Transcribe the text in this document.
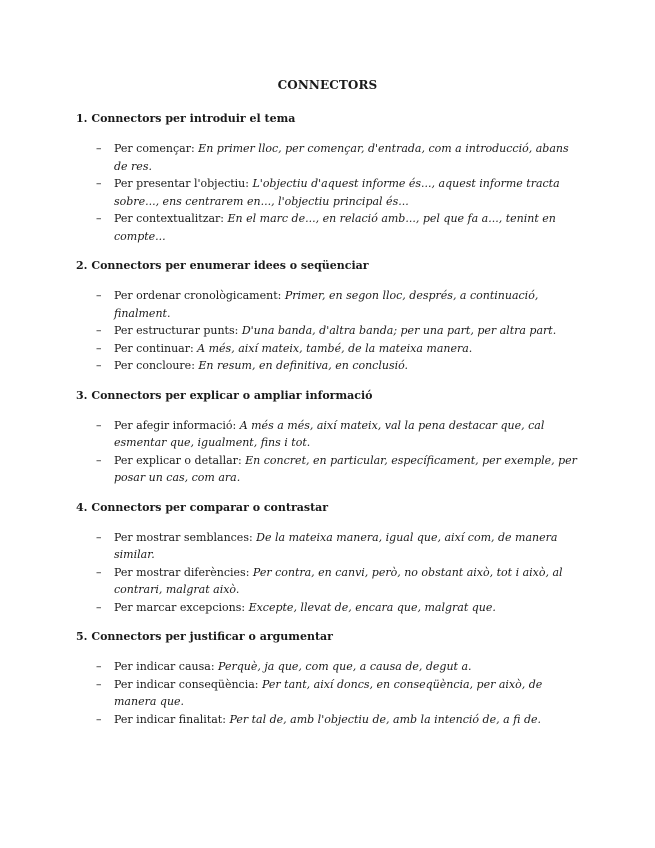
CONNECTORS
1. Connectors per introduir el tema
– Per començar: En primer lloc, per començar, d'entrada, com a introducció, abans de res.
– Per presentar l'objectiu: L'objectiu d'aquest informe és..., aquest informe tracta sobre..., ens centrarem en..., l'objectiu principal és...
– Per contextualitzar: En el marc de..., en relació amb..., pel que fa a..., tenint en compte...
2. Connectors per enumerar idees o seqüenciar
– Per ordenar cronològicament: Primer, en segon lloc, després, a continuació, finalment.
– Per estructurar punts: D'una banda, d'altra banda; per una part, per altra part.
– Per continuar: A més, així mateix, també, de la mateixa manera.
– Per concloure: En resum, en definitiva, en conclusió.
3. Connectors per explicar o ampliar informació
– Per afegir informació: A més a més, així mateix, val la pena destacar que, cal esmentar que, igualment, fins i tot.
– Per explicar o detallar: En concret, en particular, específicament, per exemple, per posar un cas, com ara.
4. Connectors per comparar o contrastar
– Per mostrar semblances: De la mateixa manera, igual que, així com, de manera similar.
– Per mostrar diferències: Per contra, en canvi, però, no obstant això, tot i això, al contrari, malgrat això.
– Per marcar excepcions: Excepte, llevat de, encara que, malgrat que.
5. Connectors per justificar o argumentar
– Per indicar causa: Perquè, ja que, com que, a causa de, degut a.
– Per indicar conseqüència: Per tant, així doncs, en conseqüència, per això, de manera que.
– Per indicar finalitat: Per tal de, amb l'objectiu de, amb la intenció de, a fi de.
